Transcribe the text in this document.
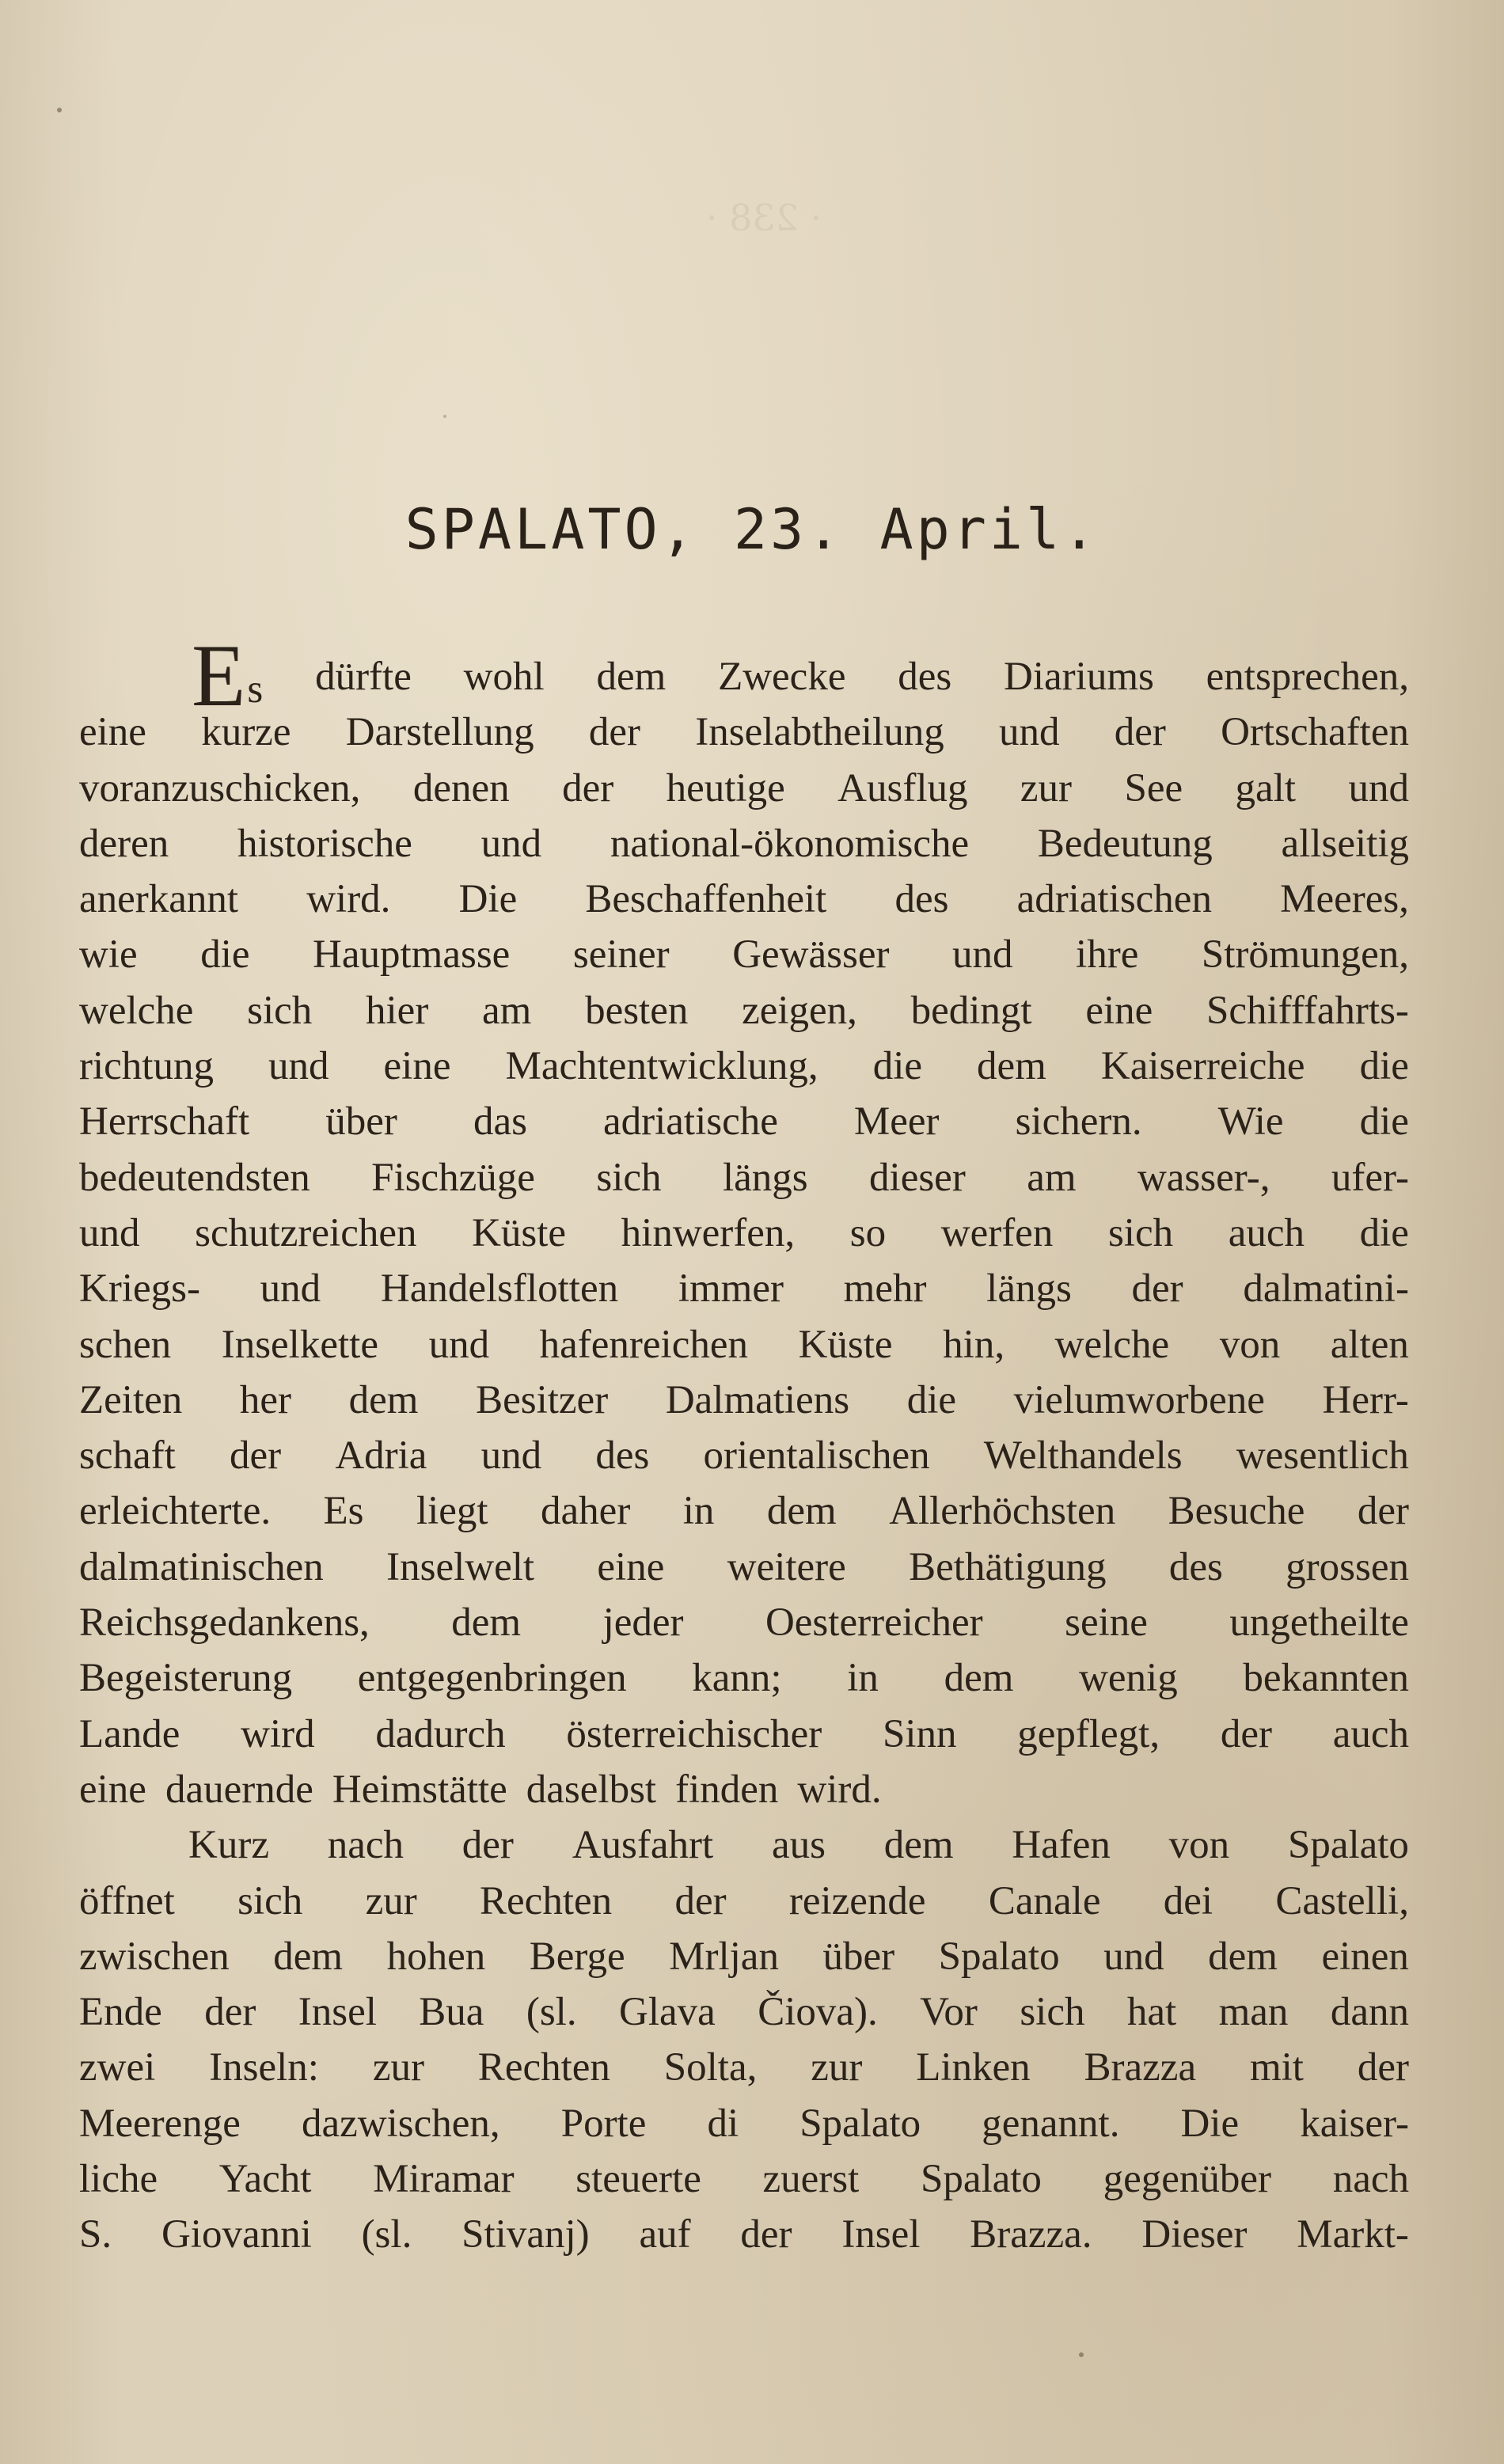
· 238 ·
SPALATO, 23. April.
E s dürfte wohl dem Zwecke des Diariums entsprechen,
eine kurze Darstellung der Inselabtheilung und der Ortschaften
voranzuschicken, denen der heutige Ausflug zur See galt und
deren historische und national-ökonomische Bedeutung allseitig
anerkannt wird. Die Beschaffenheit des adriatischen Meeres,
wie die Hauptmasse seiner Gewässer und ihre Strömungen,
welche sich hier am besten zeigen, bedingt eine Schifffahrts-
richtung und eine Machtentwicklung, die dem Kaiserreiche die
Herrschaft über das adriatische Meer sichern. Wie die
bedeutendsten Fischzüge sich längs dieser am wasser-, ufer-
und schutzreichen Küste hinwerfen, so werfen sich auch die
Kriegs- und Handelsflotten immer mehr längs der dalmatini-
schen Inselkette und hafenreichen Küste hin, welche von alten
Zeiten her dem Besitzer Dalmatiens die vielumworbene Herr-
schaft der Adria und des orientalischen Welthandels wesentlich
erleichterte. Es liegt daher in dem Allerhöchsten Besuche der
dalmatinischen Inselwelt eine weitere Bethätigung des grossen
Reichsgedankens, dem jeder Oesterreicher seine ungetheilte
Begeisterung entgegenbringen kann; in dem wenig bekannten
Lande wird dadurch österreichischer Sinn gepflegt, der auch
eine dauernde Heimstätte daselbst finden wird.
Kurz nach der Ausfahrt aus dem Hafen von Spalato
öffnet sich zur Rechten der reizende Canale dei Castelli,
zwischen dem hohen Berge Mrljan über Spalato und dem einen
Ende der Insel Bua (sl. Glava Čiova). Vor sich hat man dann
zwei Inseln: zur Rechten Solta, zur Linken Brazza mit der
Meerenge dazwischen, Porte di Spalato genannt. Die kaiser-
liche Yacht Miramar steuerte zuerst Spalato gegenüber nach
S. Giovanni (sl. Stivanj) auf der Insel Brazza. Dieser Markt-
